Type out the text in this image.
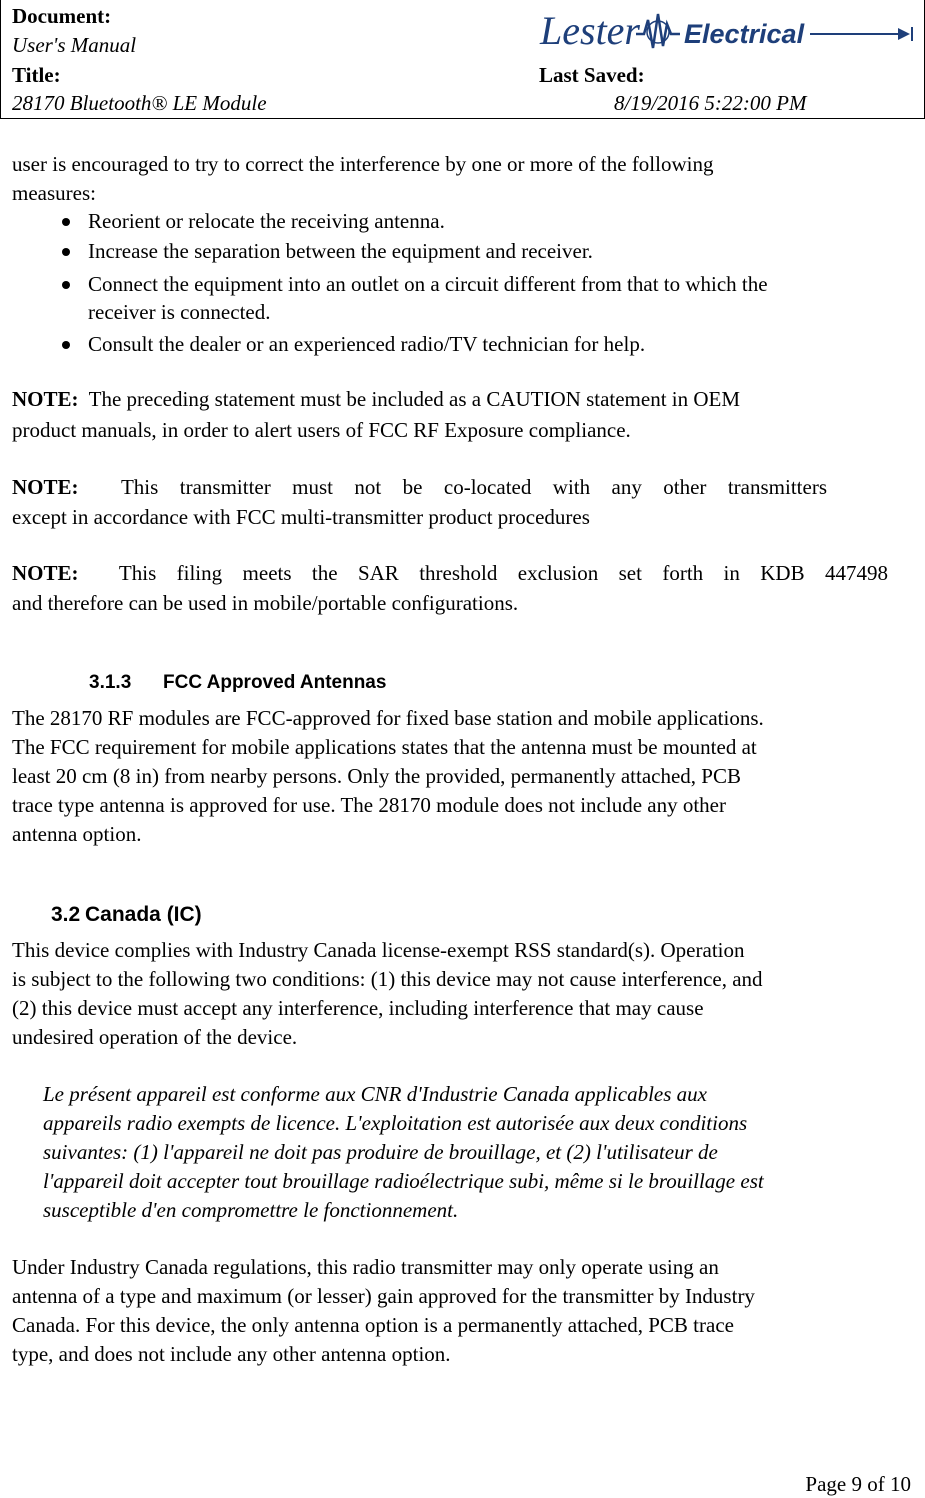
Document:
User's Manual
Title:
28170 Bluetooth® LE Module
Last Saved:
8/19/2016 5:22:00 PM
Lester Electrical
user is encouraged to try to correct the interference by one or more of the following
measures:
Reorient or relocate the receiving antenna.
Increase the separation between the equipment and receiver.
Connect the equipment into an outlet on a circuit different from that to which the
receiver is connected.
Consult the dealer or an experienced radio/TV technician for help.
NOTE: The preceding statement must be included as a CAUTION statement in OEM
product manuals, in order to alert users of FCC RF Exposure compliance.
NOTE: This transmitter must not be co-located with any other transmitters
except in accordance with FCC multi-transmitter product procedures
NOTE: This filing meets the SAR threshold exclusion set forth in KDB 447498
and therefore can be used in mobile/portable configurations.
3.1.3 FCC Approved Antennas
The 28170 RF modules are FCC-approved for fixed base station and mobile applications.
The FCC requirement for mobile applications states that the antenna must be mounted at
least 20 cm (8 in) from nearby persons. Only the provided, permanently attached, PCB
trace type antenna is approved for use. The 28170 module does not include any other
antenna option.
3.2 Canada (IC)
This device complies with Industry Canada license-exempt RSS standard(s). Operation
is subject to the following two conditions: (1) this device may not cause interference, and
(2) this device must accept any interference, including interference that may cause
undesired operation of the device.
Le présent appareil est conforme aux CNR d'Industrie Canada applicables aux
appareils radio exempts de licence. L'exploitation est autorisée aux deux conditions
suivantes: (1) l'appareil ne doit pas produire de brouillage, et (2) l'utilisateur de
l'appareil doit accepter tout brouillage radioélectrique subi, même si le brouillage est
susceptible d'en compromettre le fonctionnement.
Under Industry Canada regulations, this radio transmitter may only operate using an
antenna of a type and maximum (or lesser) gain approved for the transmitter by Industry
Canada. For this device, the only antenna option is a permanently attached, PCB trace
type, and does not include any other antenna option.
Page 9 of 10
